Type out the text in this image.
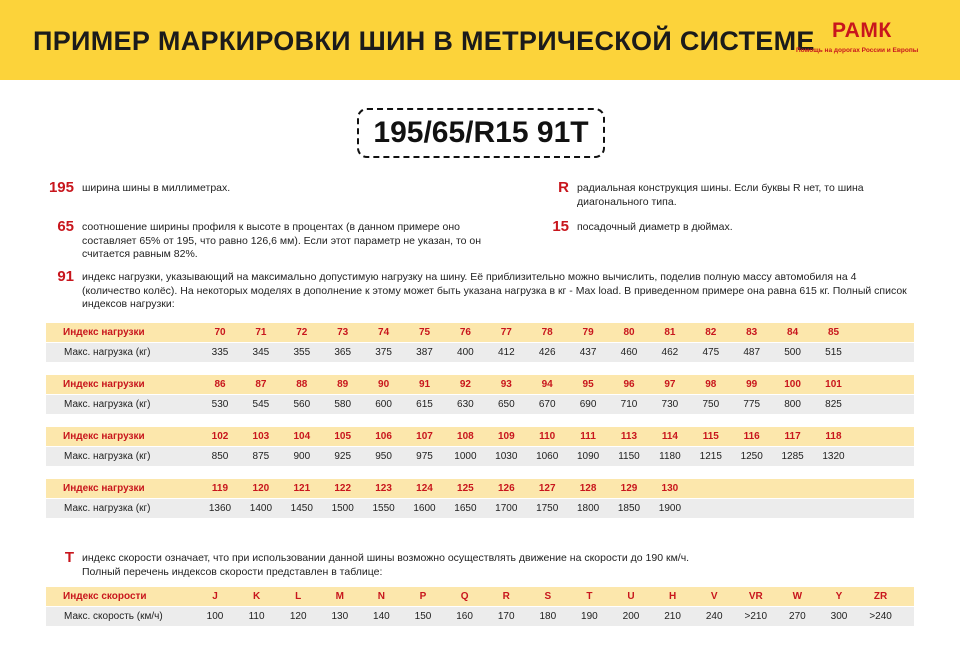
ПРИМЕР МАРКИРОВКИ ШИН В МЕТРИЧЕСКОЙ СИСТЕМЕ РАМК
Помощь на дорогах России и Европы
195/65/R15 91T
195 ширина шины в миллиметрах.
65 соотношение ширины профиля к высоте в процентах (в данном примере оно составляет 65% от 195, что равно 126,6 мм). Если этот параметр не указан, то он считается равным 82%.
R радиальная конструкция шины. Если буквы R нет, то шина диагонального типа.
15 посадочный диаметр в дюймах.
91 индекс нагрузки, указывающий на максимально допустимую нагрузку на шину. Её приблизительно можно вычислить, поделив полную массу автомобиля на 4 (количество колёс). На некоторых моделях в дополнение к этому может быть указана нагрузка в кг - Max load. В приведенном примере она равна 615 кг. Полный список индексов нагрузки:
Индекс нагрузки	70	71	72	73	74	75	76	77	78	79	80	81	82	83	84	85
Макс. нагрузка (кг)	335	345	355	365	375	387	400	412	426	437	460	462	475	487	500	515
Индекс нагрузки	86	87	88	89	90	91	92	93	94	95	96	97	98	99	100	101
Макс. нагрузка (кг)	530	545	560	580	600	615	630	650	670	690	710	730	750	775	800	825
Индекс нагрузки	102	103	104	105	106	107	108	109	110	111	113	114	115	116	117	118
Макс. нагрузка (кг)	850	875	900	925	950	975	1000	1030	1060	1090	1150	1180	1215	1250	1285	1320
Индекс нагрузки	119	120	121	122	123	124	125	126	127	128	129	130
Макс. нагрузка (кг)	1360	1400	1450	1500	1550	1600	1650	1700	1750	1800	1850	1900
T индекс скорости означает, что при использовании данной шины возможно осуществлять движение на скорости до 190 км/ч.
Полный перечень индексов скорости представлен в таблице:
Индекс скорости	J	K	L	M	N	P	Q	R	S	T	U	H	V	VR	W	Y	ZR
Макс. скорость (км/ч)	100	110	120	130	140	150	160	170	180	190	200	210	240	>210	270	300	>240
